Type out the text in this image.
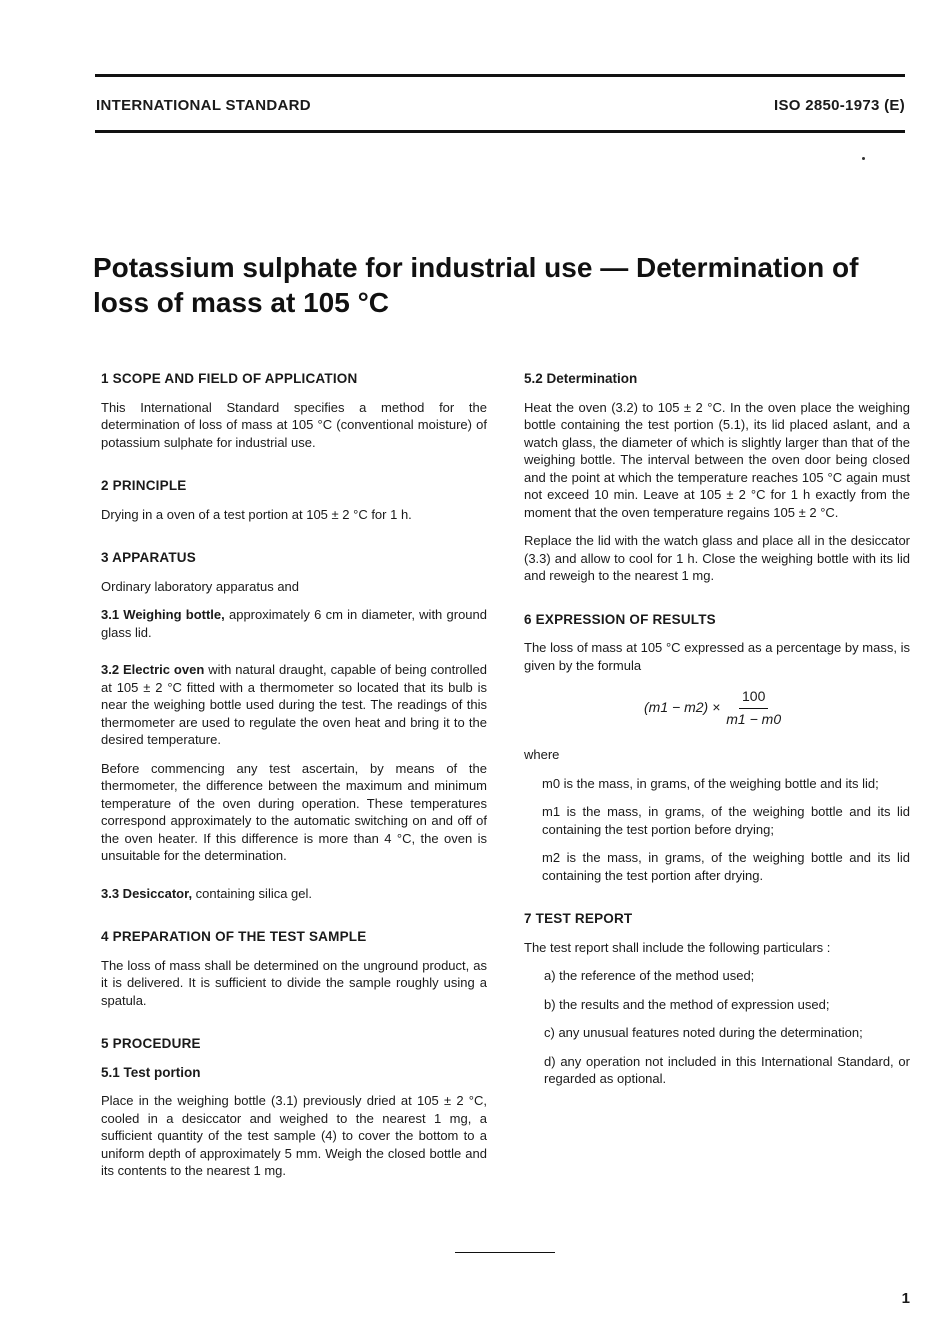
INTERNATIONAL STANDARD	ISO 2850-1973 (E)
Potassium sulphate for industrial use — Determination of loss of mass at 105 °C
1 SCOPE AND FIELD OF APPLICATION

This International Standard specifies a method for the determination of loss of mass at 105 °C (conventional moisture) of potassium sulphate for industrial use.

2 PRINCIPLE

Drying in a oven of a test portion at 105 ± 2 °C for 1 h.

3 APPARATUS

Ordinary laboratory apparatus and

3.1 Weighing bottle, approximately 6 cm in diameter, with ground glass lid.

3.2 Electric oven with natural draught, capable of being controlled at 105 ± 2 °C fitted with a thermometer so located that its bulb is near the weighing bottle used during the test. The readings of this thermometer are used to regulate the oven heat and bring it to the desired temperature.

Before commencing any test ascertain, by means of the thermometer, the difference between the maximum and minimum temperature of the oven during operation. These temperatures correspond approximately to the automatic switching on and off of the oven heater. If this difference is more than 4 °C, the oven is unsuitable for the determination.

3.3 Desiccator, containing silica gel.

4 PREPARATION OF THE TEST SAMPLE

The loss of mass shall be determined on the unground product, as it is delivered. It is sufficient to divide the sample roughly using a spatula.

5 PROCEDURE
5.1 Test portion

Place in the weighing bottle (3.1) previously dried at 105 ± 2 °C, cooled in a desiccator and weighed to the nearest 1 mg, a sufficient quantity of the test sample (4) to cover the bottom to a uniform depth of approximately 5 mm. Weigh the closed bottle and its contents to the nearest 1 mg.

5.2 Determination

Heat the oven (3.2) to 105 ± 2 °C. In the oven place the weighing bottle containing the test portion (5.1), its lid placed aslant, and a watch glass, the diameter of which is slightly larger than that of the weighing bottle. The interval between the oven door being closed and the point at which the temperature reaches 105 °C again must not exceed 10 min. Leave at 105 ± 2 °C for 1 h exactly from the moment that the oven temperature regains 105 ± 2 °C.

Replace the lid with the watch glass and place all in the desiccator (3.3) and allow to cool for 1 h. Close the weighing bottle with its lid and reweigh to the nearest 1 mg.

6 EXPRESSION OF RESULTS

The loss of mass at 105 °C expressed as a percentage by mass, is given by the formula

$(m1 - m2) \times \frac{100}{m1 - m0}$

where

m0 is the mass, in grams, of the weighing bottle and its lid;

m1 is the mass, in grams, of the weighing bottle and its lid containing the test portion before drying;

m2 is the mass, in grams, of the weighing bottle and its lid containing the test portion after drying.

7 TEST REPORT

The test report shall include the following particulars :

a) the reference of the method used;

b) the results and the method of expression used;

c) any unusual features noted during the determination;

d) any operation not included in this International Standard, or regarded as optional.

1
